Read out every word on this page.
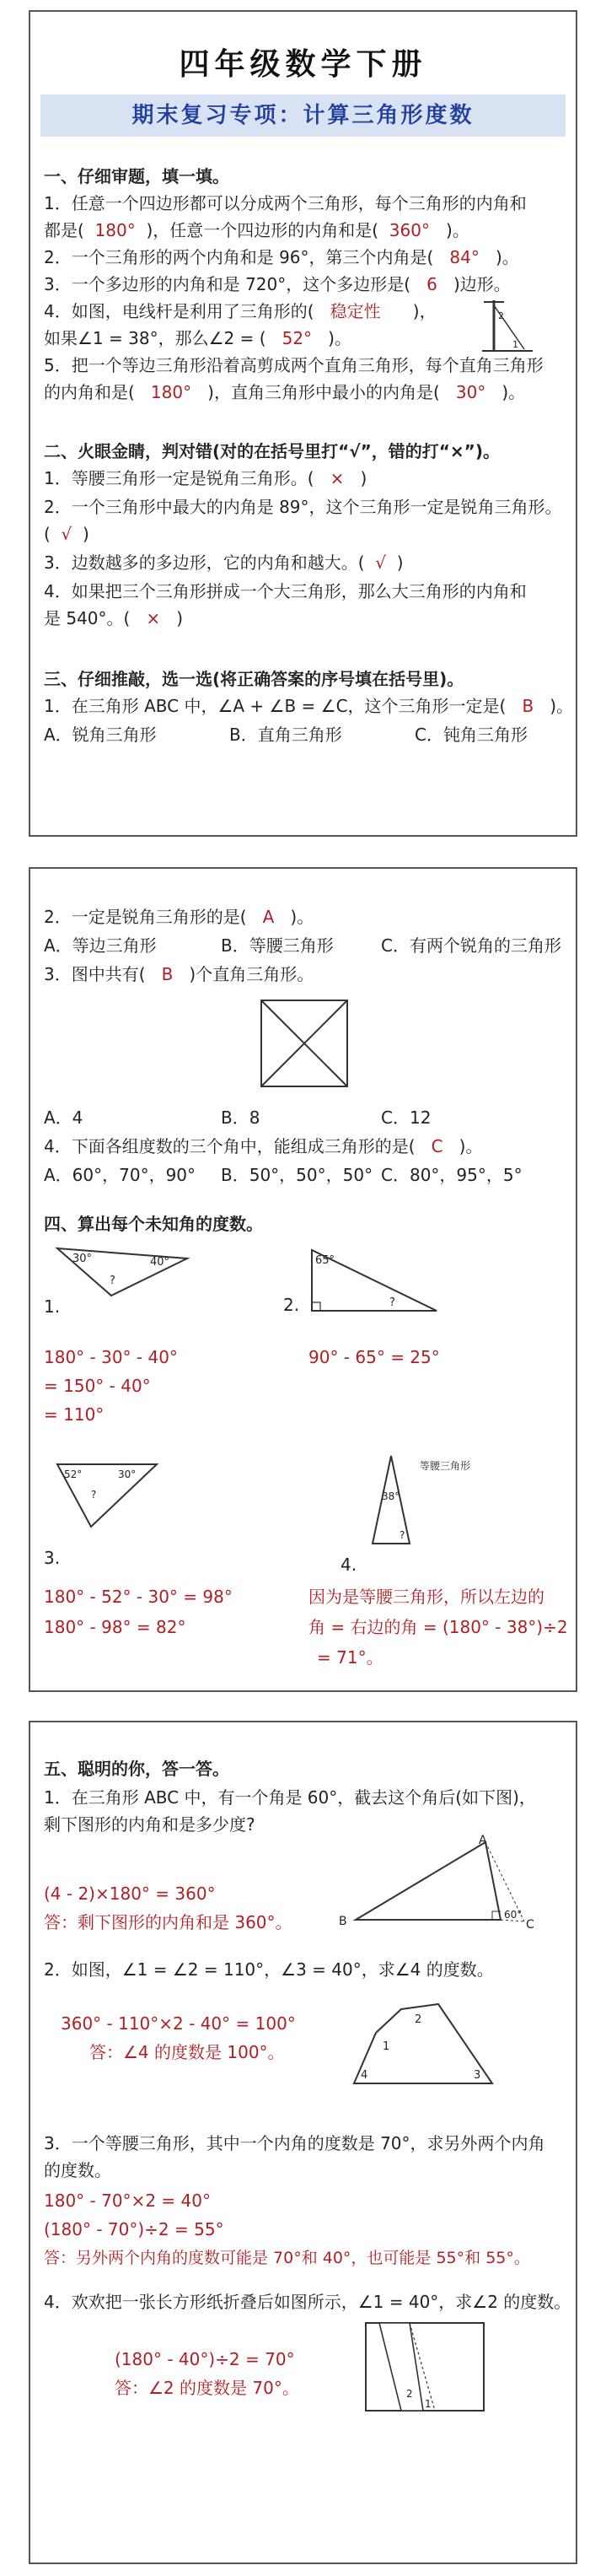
四年级数学下册
期末复习专项：计算三角形度数
一、仔细审题，填一填。
1．任意一个四边形都可以分成两个三角形，每个三角形的内角和
都是( 180° )，任意一个四边形的内角和是( 360° )。
2．一个三角形的两个内角和是 96°，第三个内角是( 84° )。
3．一个多边形的内角和是 720°，这个多边形是( 6 )边形。
4．如图，电线杆是利用了三角形的( 稳定性 )，
如果∠1 = 38°，那么∠2 = ( 52° )。
2
1
5．把一个等边三角形沿着高剪成两个直角三角形，每个直角三角形
的内角和是( 180° )，直角三角形中最小的内角是( 30° )。
二、火眼金睛，判对错(对的在括号里打“√”，错的打“×”)。
1．等腰三角形一定是锐角三角形。( × )
2．一个三角形中最大的内角是 89°，这个三角形一定是锐角三角形。
( √ )
3．边数越多的多边形，它的内角和越大。( √ )
4．如果把三个三角形拼成一个大三角形，那么大三角形的内角和
是 540°。( × )
三、仔细推敲，选一选(将正确答案的序号填在括号里)。
1．在三角形 ABC 中，∠A + ∠B = ∠C，这个三角形一定是( B )。
A．锐角三角形	B．直角三角形	C．钝角三角形
2．一定是锐角三角形的是( A )。
A．等边三角形	B．等腰三角形	C．有两个锐角的三角形
3．图中共有( B )个直角三角形。
A．4	B．8	C．12
4．下面各组度数的三个角中，能组成三角形的是( C )。
A．60°，70°，90° B．50°，50°，50° C．80°，95°，5°
四、算出每个未知角的度数。
30°	40°
?
1.
180° - 30° - 40°
= 150° - 40°
= 110°
2.
65°
?
90° - 65° = 25°
52°	30°
?
3.
180° - 52° - 30° = 98°
180° - 98° = 82°
38°
?
等腰三角形
4.
因为是等腰三角形，所以左边的
角 = 右边的角 = (180° - 38°)÷2
= 71°。
五、聪明的你，答一答。
1．在三角形 ABC 中，有一个角是 60°，截去这个角后(如下图)，
剩下图形的内角和是多少度?
(4 - 2)×180° = 360°
答：剩下图形的内角和是 360°。
A
B	C
60°
2．如图，∠1 = ∠2 = 110°，∠3 = 40°，求∠4 的度数。
360° - 110°×2 - 40° = 100°
答：∠4 的度数是 100°。
2
1
4	3
3．一个等腰三角形，其中一个内角的度数是 70°，求另外两个内角
的度数。
180° - 70°×2 = 40°
(180° - 70°)÷2 = 55°
答：另外两个内角的度数可能是 70°和 40°，也可能是 55°和 55°。
4．欢欢把一张长方形纸折叠后如图所示，∠1 = 40°，求∠2 的度数。
(180° - 40°)÷2 = 70°
答：∠2 的度数是 70°。	2
1
